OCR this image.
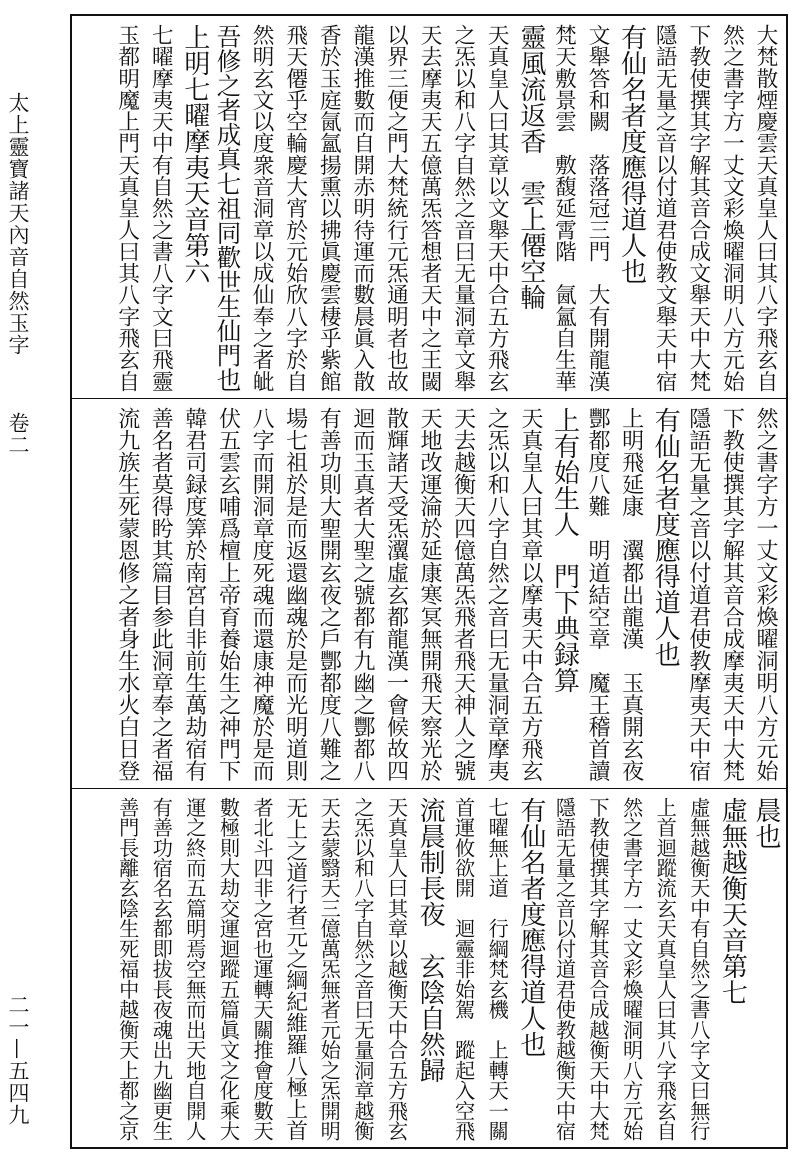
太上靈寶諸天內音自然玉字
卷二
二一—五四九
大梵散煙慶雲天真皇人曰其八字飛玄自
然之書字方一丈文彩煥曜洞明八方元始
下教使撰其字解其音合成文舉天中大梵
隱語无量之音以付道君使教文舉天中宿
有仙名者度應得道人也
文舉答和闕　落落冠三門　大有開龍漢
梵天敷景雲　敷馥延霄階　氤氳自生華
靈風流返香　雲上僊空輪
天真皇人曰其章以文舉天中合五方飛玄
之炁以和八字自然之音曰无量洞章文舉
天去摩夷天五億萬炁答想者天中之王閾
以界三便之門大梵統行元炁通明者也故
龍漢推數而自開赤明待運而數晨眞入散
香於玉庭氤氳揚熏以拂眞慶雲棲乎紫館
飛天僊乎空輪慶大宵於元始欣八字於自
然明玄文以度衆音洞章以成仙奉之者皉
吾修之者成真七祖同歡世生仙門也
上明七曜摩夷天音第六
七曜摩夷天中有自然之書八字文曰飛靈
玉都明魔上門天真皇人曰其八字飛玄自
然之書字方一丈文彩煥曜洞明八方元始
下教使撰其字解其音合成摩夷天中大梵
隱語无量之音以付道君使教摩夷天中宿
有仙名者度應得道人也
上明飛延康　瀷都出龍漢　玉真開玄夜
酆都度八難　明道結空章　魔王稽首讀
上有始生人　門下典録算
天真皇人曰其章以摩夷天中合五方飛玄
之炁以和八字自然之音曰无量洞章摩夷
天去越衡天四億萬炁飛者飛天神人之號
天地改運淪於延康寒冥無開飛天察光於
散輝諸天受炁瀷虛玄都龍漢一會候故四
迴而玉真者大聖之號都有九幽之酆都八
有善功則大聖開玄夜之戶酆都度八難之
場七祖於是而返還幽魂於是而光明道則
八字而開洞章度死魂而還康神魔於是而
伏五雲玄哺爲檀上帝育養始生之神門下
韓君司録度筭於南宮自非前生萬劫宿有
善名者莫得盻其篇目参此洞章奉之者福
流九族生死蒙恩修之者身生水火白日登
晨也
虛無越衡天音第七
虛無越衡天中有自然之書八字文曰無行
上首迴蹤流玄天真皇人曰其八字飛玄自
然之書字方一丈文彩煥曜洞明八方元始
下教使撰其字解其音合成越衡天中大梵
隱語无量之音以付道君使教越衡天中宿
有仙名者度應得道人也
七曜無上道　行綱梵玄機　上轉天一關
首運攸欲開　迴靈非始駕　蹤起入空飛
流晨制長夜　玄陰自然歸
天真皇人曰其章以越衡天中合五方飛玄
之炁以和八字自然之音曰无量洞章越衡
天去蒙翳天三億萬炁無者元始之炁開明
无上之道行者元之綱紀維羅八極上首
者北斗四非之宮也運轉天關推會度數天
數極則大劫交運迴蹤五篇眞文之化乘大
運之終而五篇明焉空無而出天地自開人
有善功宿名玄都即拔長夜魂出九幽更生
善門長離玄陰生死福中越衡天上都之京
